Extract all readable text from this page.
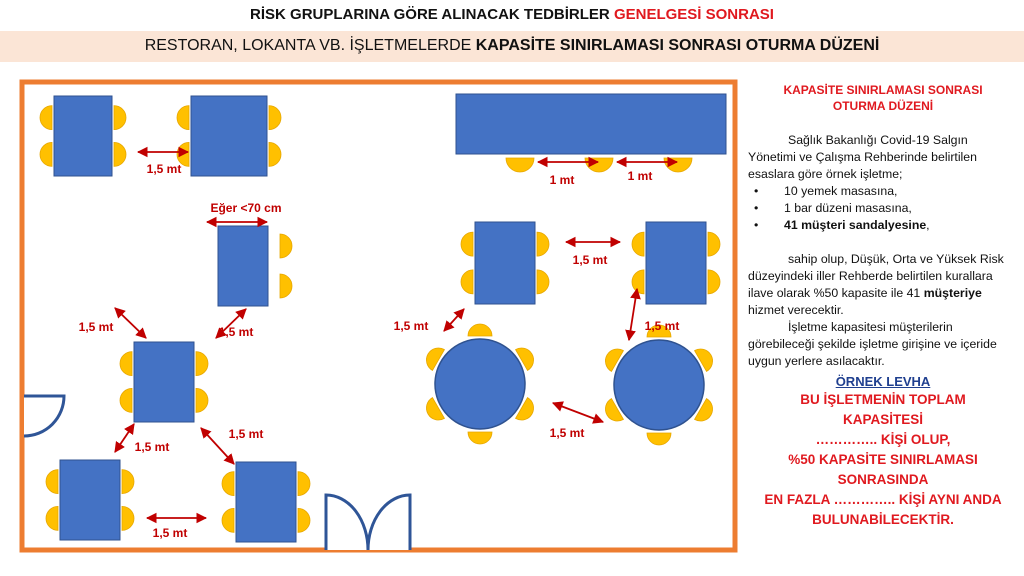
RİSK GRUPLARINA GÖRE ALINACAK TEDBİRLER GENELGESİ SONRASI
RESTORAN, LOKANTA VB. İŞLETMELERDE KAPASİTE SINIRLAMASI SONRASI OTURMA DÜZENİ
1,5 mt
Eğer <70 cm
1,5 mt	1,5 mt
1,5 mt
1,5 mt
1,5 mt
1 mt	1 mt
1,5 mt
1,5 mt	1,5 mt
1,5 mt
KAPASİTE SINIRLAMASI SONRASI
OTURMA DÜZENİ

Sağlık Bakanlığı Covid-19 Salgın Yönetimi ve Çalışma Rehberinde belirtilen esaslara göre örnek işletme;

• 10 yemek masasına,
• 1 bar düzeni masasına,
• 41 müşteri sandalyesine,

sahip olup, Düşük, Orta ve Yüksek Risk düzeyindeki iller Rehberde belirtilen kurallara ilave olarak %50 kapasite ile 41 müşteriye hizmet verecektir.

İşletme kapasitesi müşterilerin görebileceği şekilde işletme girişine ve içeride uygun yerlere asılacaktır.

ÖRNEK LEVHA
BU İŞLETMENİN TOPLAM
KAPASİTESİ
………….. KİŞİ OLUP,
%50 KAPASİTE SINIRLAMASI
SONRASINDA
EN FAZLA ………….. KİŞİ AYNI ANDA
BULUNABİLECEKTİR.
